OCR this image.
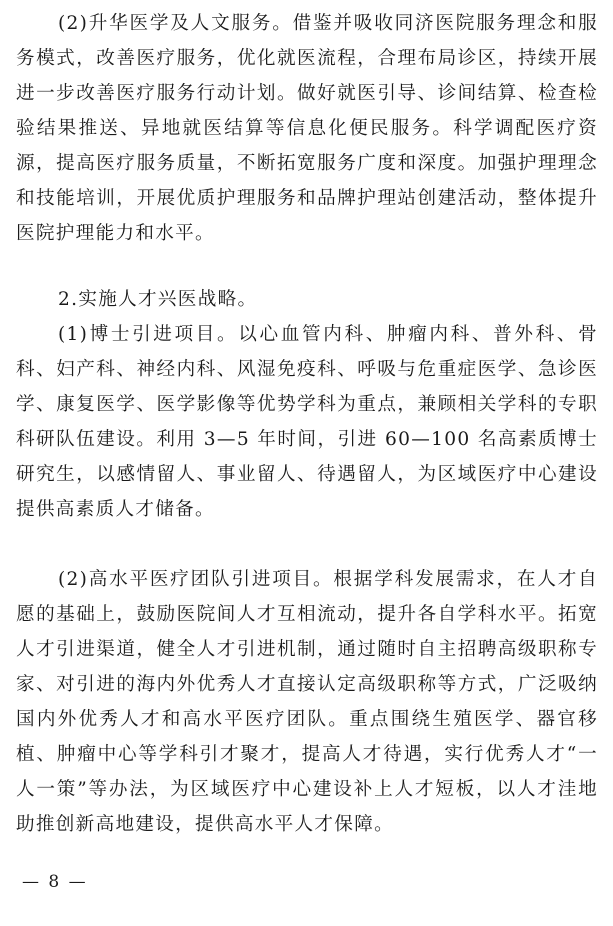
(2)升华医学及人文服务。借鉴并吸收同济医院服务理念和服务模式，改善医疗服务，优化就医流程，合理布局诊区，持续开展进一步改善医疗服务行动计划。做好就医引导、诊间结算、检查检验结果推送、异地就医结算等信息化便民服务。科学调配医疗资源，提高医疗服务质量，不断拓宽服务广度和深度。加强护理理念和技能培训，开展优质护理服务和品牌护理站创建活动，整体提升医院护理能力和水平。

2.实施人才兴医战略。

(1)博士引进项目。以心血管内科、肿瘤内科、普外科、骨科、妇产科、神经内科、风湿免疫科、呼吸与危重症医学、急诊医学、康复医学、医学影像等优势学科为重点，兼顾相关学科的专职科研队伍建设。利用 3—5 年时间，引进 60—100 名高素质博士研究生，以感情留人、事业留人、待遇留人，为区域医疗中心建设提供高素质人才储备。

(2)高水平医疗团队引进项目。根据学科发展需求，在人才自愿的基础上，鼓励医院间人才互相流动，提升各自学科水平。拓宽人才引进渠道，健全人才引进机制，通过随时自主招聘高级职称专家、对引进的海内外优秀人才直接认定高级职称等方式，广泛吸纳国内外优秀人才和高水平医疗团队。重点围绕生殖医学、器官移植、肿瘤中心等学科引才聚才，提高人才待遇，实行优秀人才“一人一策”等办法，为区域医疗中心建设补上人才短板，以人才洼地助推创新高地建设，提供高水平人才保障。

— 8 —
